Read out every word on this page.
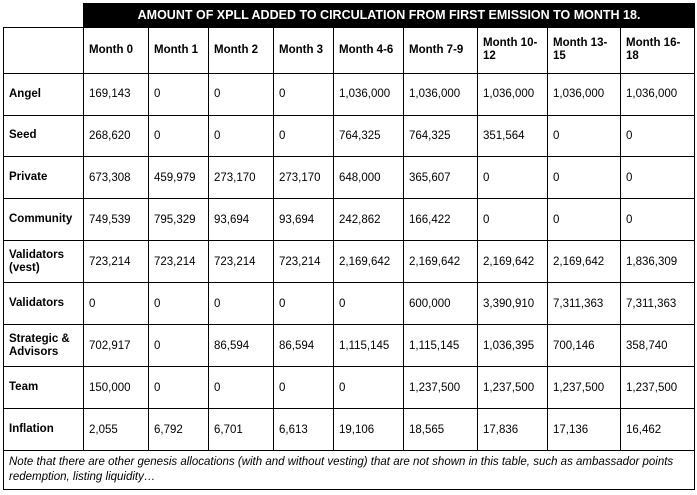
	AMOUNT OF XPLL ADDED TO CIRCULATION FROM FIRST EMISSION TO MONTH 18.								
	Month 0	Month 1	Month 2	Month 3	Month 4-6	Month 7-9	Month 10-12	Month 13-15	Month 16-18
Angel	169,143	0	0	0	1,036,000	1,036,000	1,036,000	1,036,000	1,036,000
Seed	268,620	0	0	0	764,325	764,325	351,564	0	0
Private	673,308	459,979	273,170	273,170	648,000	365,607	0	0	0
Community	749,539	795,329	93,694	93,694	242,862	166,422	0	0	0
Validators (vest)	723,214	723,214	723,214	723,214	2,169,642	2,169,642	2,169,642	2,169,642	1,836,309
Validators	0	0	0	0	0	600,000	3,390,910	7,311,363	7,311,363
Strategic & Advisors	702,917	0	86,594	86,594	1,115,145	1,115,145	1,036,395	700,146	358,740
Team	150,000	0	0	0	0	1,237,500	1,237,500	1,237,500	1,237,500
Inflation	2,055	6,792	6,701	6,613	19,106	18,565	17,836	17,136	16,462
Note that there are other genesis allocations (with and without vesting) that are not shown in this table, such as ambassador points redemption, listing liquidity…									
